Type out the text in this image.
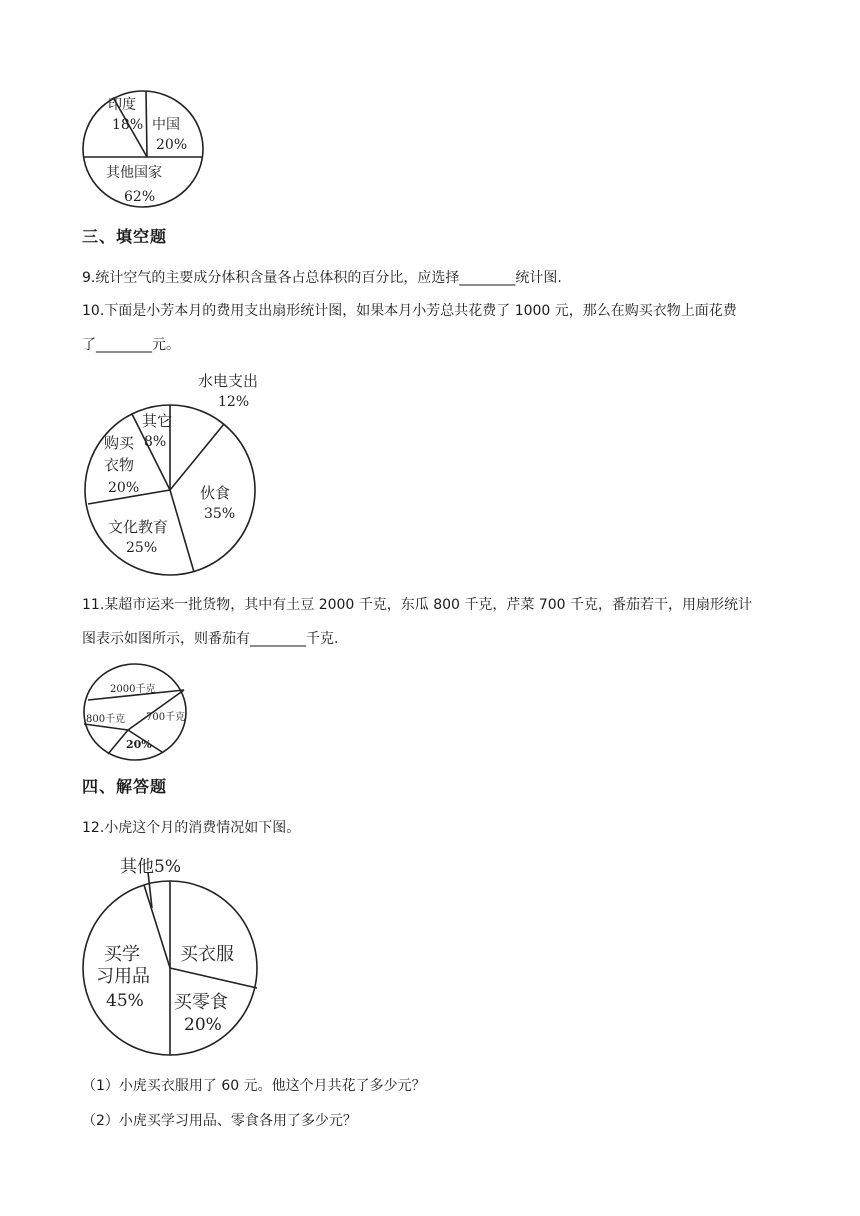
印度
18% 中国
20%
其他国家
62%
三、填空题
9.统计空气的主要成分体积含量各占总体积的百分比，应选择________统计图.
10.下面是小芳本月的费用支出扇形统计图，如果本月小芳总共花费了 1000 元，那么在购买衣物上面花费
了________元。
水电支出
12%
其它
8%
购买
衣物
20%	伙食
35%
文化教育
25%
11.某超市运来一批货物，其中有土豆 2000 千克，东瓜 800 千克，芹菜 700 千克，番茄若干，用扇形统计
图表示如图所示，则番茄有________千克.
2000千克
700千克
20%
800千克
四、解答题
12.小虎这个月的消费情况如下图。
其他5%
买衣服
买零食
20%
买学
习用品
45%
（1）小虎买衣服用了 60 元。他这个月共花了多少元？
（2）小虎买学习用品、零食各用了多少元？
